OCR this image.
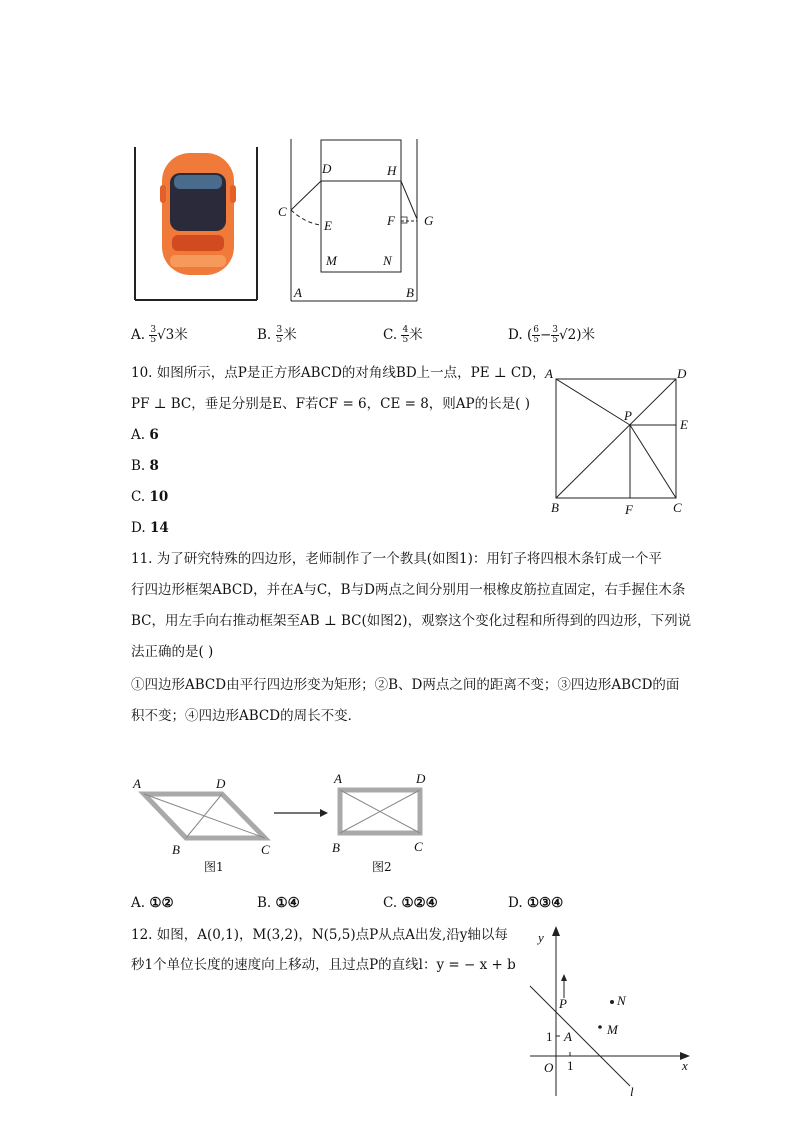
D	H
C
E	F G
M	N
A	B
A. $\frac{3}{5} √3$米	B. $\frac{3}{5}$ 米	C. $\frac{4}{5}$ 米	D. ( $\frac{6}{5} - \frac{3}{5} √2$)米
10. 如图所示，点P是正方形ABCD的对角线BD上一点，PE ⊥ CD，
PF ⊥ BC，垂足分别是E、F若CF = 6，CE = 8，则AP的长是( )
A. 6
B. 8
C. 10
D. 14
A	D
P
E
B	F	C
11. 为了研究特殊的四边形，老师制作了一个教具(如图1)：用钉子将四根木条钉成一个平
行四边形框架ABCD，并在A与C，B与D两点之间分别用一根橡皮筋拉直固定，右手握住木条
BC，用左手向右推动框架至AB ⊥ BC(如图2)，观察这个变化过程和所得到的四边形，下列说
法正确的是( )
①四边形ABCD由平行四边形变为矩形；②B、D两点之间的距离不变；③四边形ABCD的面
积不变；④四边形ABCD的周长不变．
A	D
B	C
图1
A	D
B	C
图2
A. ①②	B. ①④	C. ①②④	D. ①③④
12. 如图，A(0,1)，M(3,2)，N(5,5)点P从点A出发,沿y轴以每
秒1个单位长度的速度向上移动，且过点P的直线l：y = − x + b
y
x
P	N
M
A
1
1
O
l
